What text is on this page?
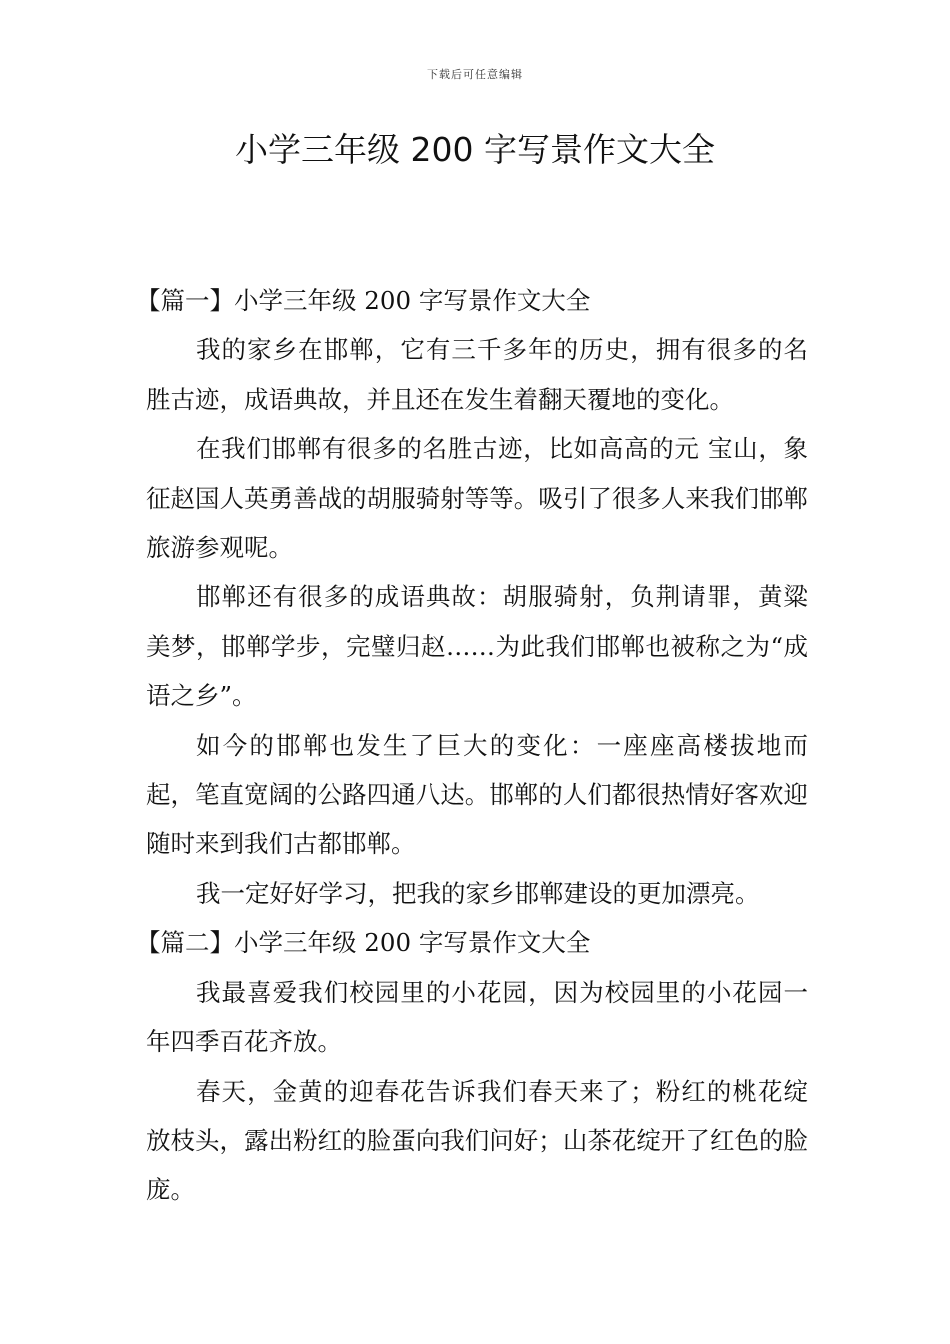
下载后可任意编辑
小学三年级 200 字写景作文大全

【篇一】小学三年级 200 字写景作文大全

我的家乡在邯郸，它有三千多年的历史，拥有很多的名胜古迹，成语典故，并且还在发生着翻天覆地的变化。

在我们邯郸有很多的名胜古迹，比如高高的元 宝山，象征赵国人英勇善战的胡服骑射等等。吸引了很多人来我们邯郸旅游参观呢。

邯郸还有很多的成语典故：胡服骑射，负荆请罪，黄粱美梦，邯郸学步，完璧归赵……为此我们邯郸也被称之为“成语之乡”。

如今的邯郸也发生了巨大的变化：一座座高楼拔地而起，笔直宽阔的公路四通八达。邯郸的人们都很热情好客欢迎随时来到我们古都邯郸。

我一定好好学习，把我的家乡邯郸建设的更加漂亮。

【篇二】小学三年级 200 字写景作文大全

我最喜爱我们校园里的小花园，因为校园里的小花园一年四季百花齐放。

春天，金黄的迎春花告诉我们春天来了；粉红的桃花绽放枝头，露出粉红的脸蛋向我们问好；山茶花绽开了红色的脸庞。
